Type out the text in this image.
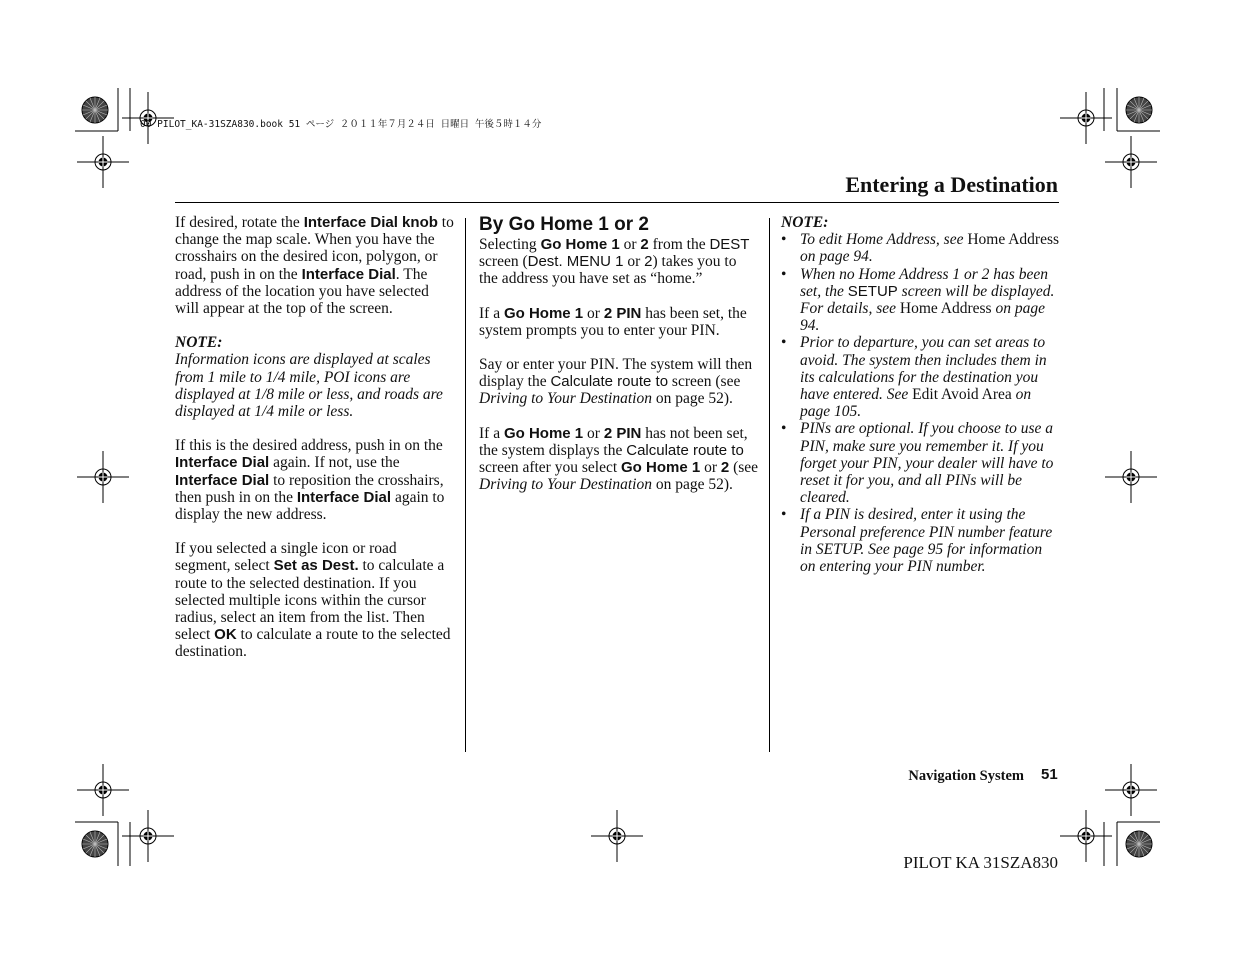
00 PILOT_KA-31SZA830.book 51 ページ ２０１１年７月２４日 日曜日 午後５時１４分
Entering a Destination

If desired, rotate the Interface Dial knob to change the map scale. When you have the crosshairs on the desired icon, polygon, or road, push in on the Interface Dial. The address of the location you have selected will appear at the top of the screen.

NOTE:

Information icons are displayed at scales from 1 mile to 1/4 mile, POI icons are displayed at 1/8 mile or less, and roads are displayed at 1/4 mile or less.

If this is the desired address, push in on the Interface Dial again. If not, use the Interface Dial to reposition the crosshairs, then push in on the Interface Dial again to display the new address.

If you selected a single icon or road segment, select Set as Dest. to calculate a route to the selected destination. If you selected multiple icons within the cursor radius, select an item from the list. Then select OK to calculate a route to the selected destination.

By Go Home 1 or 2

Selecting Go Home 1 or 2 from the DEST screen (Dest. MENU 1 or 2) takes you to the address you have set as “home.”

If a Go Home 1 or 2 PIN has been set, the system prompts you to enter your PIN.

Say or enter your PIN. The system will then display the Calculate route to screen (see Driving to Your Destination on page 52).

If a Go Home 1 or 2 PIN has not been set, the system displays the Calculate route to screen after you select Go Home 1 or 2 (see Driving to Your Destination on page 52).

NOTE:

• To edit Home Address, see Home Address on page 94.
• When no Home Address 1 or 2 has been set, the SETUP screen will be displayed. For details, see Home Address on page 94.
• Prior to departure, you can set areas to avoid. The system then includes them in its calculations for the destination you have entered. See Edit Avoid Area on page 105.
• PINs are optional. If you choose to use a PIN, make sure you remember it. If you forget your PIN, your dealer will have to reset it for you, and all PINs will be cleared.
• If a PIN is desired, enter it using the Personal preference PIN number feature in SETUP. See page 95 for information on entering your PIN number.
Navigation System 51
PILOT KA 31SZA830
